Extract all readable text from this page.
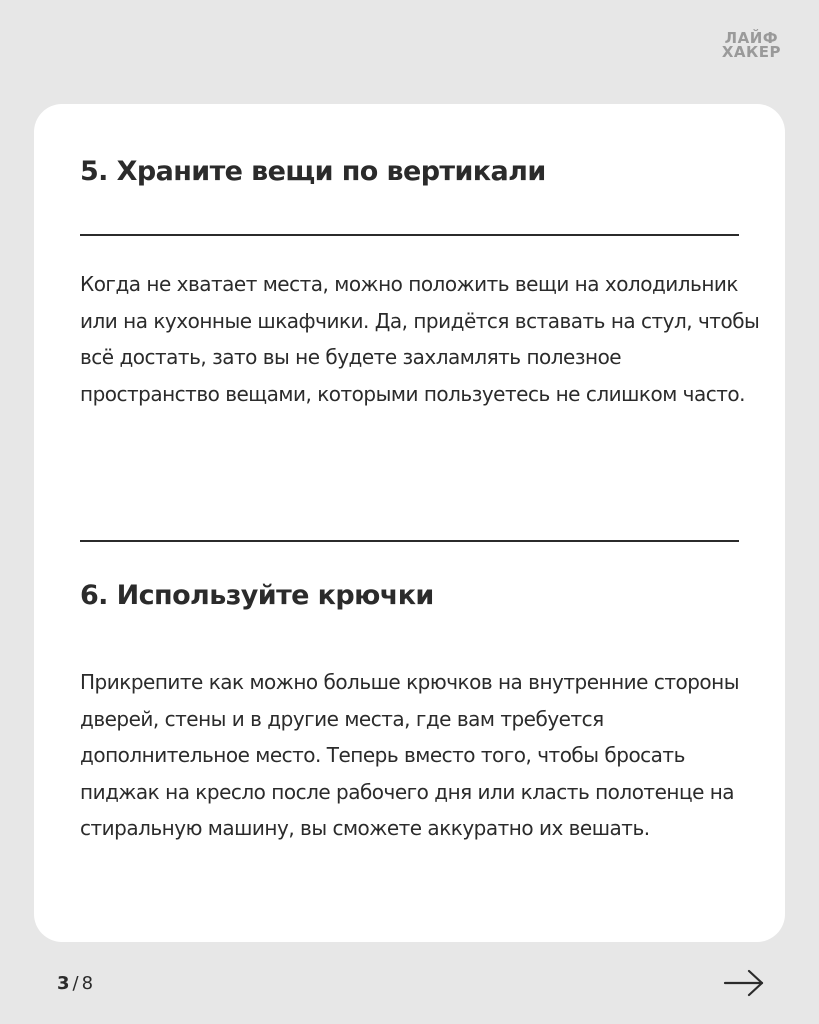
ЛАЙФ
ХАКЕР
5. Храните вещи по вертикали

Когда не хватает места, можно положить вещи на холодильник или на кухонные шкафчики. Да, придётся вставать на стул, чтобы всё достать, зато вы не будете захламлять полезное пространство вещами, которыми пользуетесь не слишком часто.

6. Используйте крючки

Прикрепите как можно больше крючков на внутренние стороны дверей, стены и в другие места, где вам требуется дополнительное место. Теперь вместо того, чтобы бросать пиджак на кресло после рабочего дня или класть полотенце на стиральную машину, вы сможете аккуратно их вешать.

3 / 8
